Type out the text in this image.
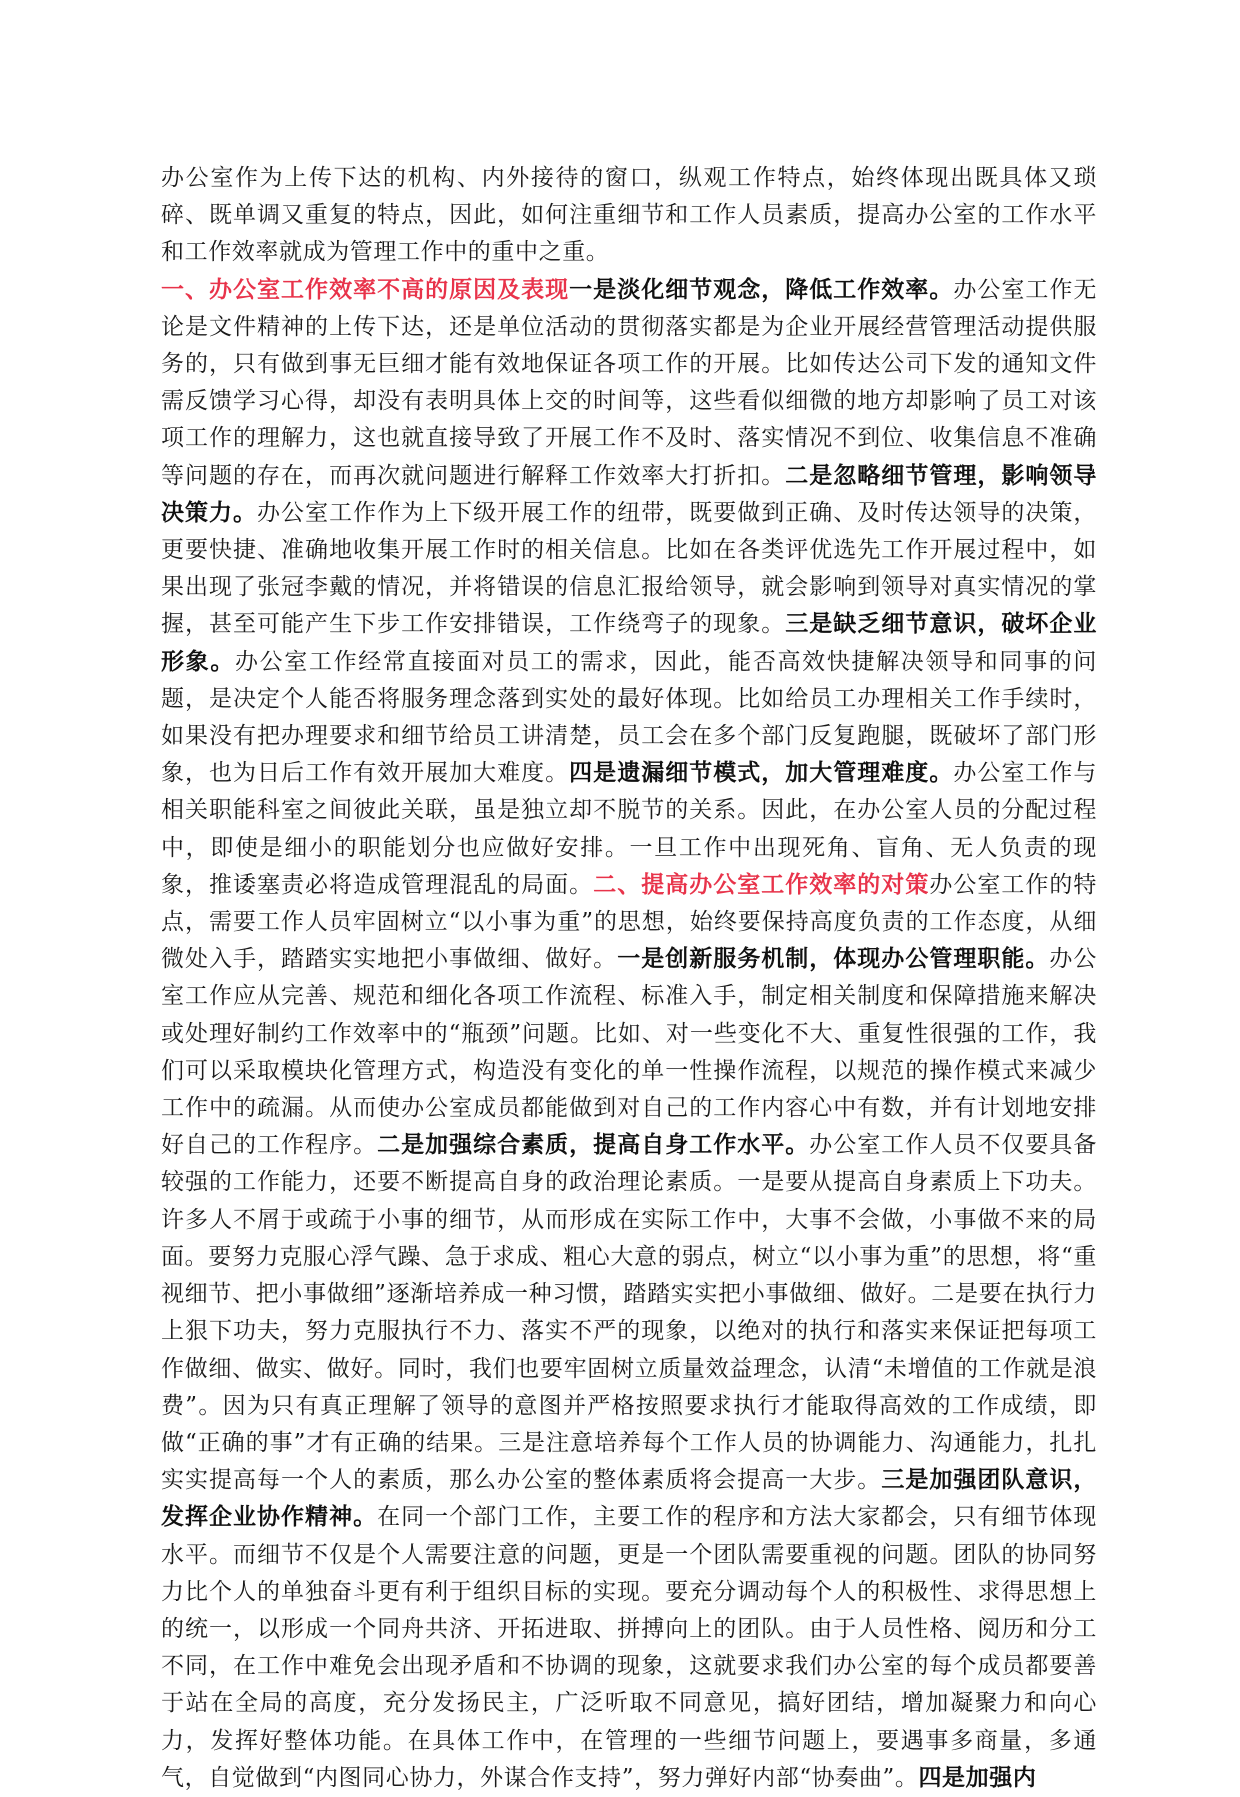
办公室作为上传下达的机构、内外接待的窗口，纵观工作特点，始终体现出既具体又琐碎、既单调又重复的特点，因此，如何注重细节和工作人员素质，提高办公室的工作水平和工作效率就成为管理工作中的重中之重。

一、办公室工作效率不高的原因及表现一是淡化细节观念，降低工作效率。办公室工作无论是文件精神的上传下达，还是单位活动的贯彻落实都是为企业开展经营管理活动提供服务的，只有做到事无巨细才能有效地保证各项工作的开展。比如传达公司下发的通知文件需反馈学习心得，却没有表明具体上交的时间等，这些看似细微的地方却影响了员工对该项工作的理解力，这也就直接导致了开展工作不及时、落实情况不到位、收集信息不准确等问题的存在，而再次就问题进行解释工作效率大打折扣。二是忽略细节管理，影响领导决策力。办公室工作作为上下级开展工作的纽带，既要做到正确、及时传达领导的决策，更要快捷、准确地收集开展工作时的相关信息。比如在各类评优选先工作开展过程中，如果出现了张冠李戴的情况，并将错误的信息汇报给领导，就会影响到领导对真实情况的掌握，甚至可能产生下步工作安排错误，工作绕弯子的现象。三是缺乏细节意识，破坏企业形象。办公室工作经常直接面对员工的需求，因此，能否高效快捷解决领导和同事的问题，是决定个人能否将服务理念落到实处的最好体现。比如给员工办理相关工作手续时，如果没有把办理要求和细节给员工讲清楚，员工会在多个部门反复跑腿，既破坏了部门形象，也为日后工作有效开展加大难度。四是遗漏细节模式，加大管理难度。办公室工作与相关职能科室之间彼此关联，虽是独立却不脱节的关系。因此，在办公室人员的分配过程中，即使是细小的职能划分也应做好安排。一旦工作中出现死角、盲角、无人负责的现象，推诿塞责必将造成管理混乱的局面。二、提高办公室工作效率的对策办公室工作的特点，需要工作人员牢固树立“以小事为重”的思想，始终要保持高度负责的工作态度，从细微处入手，踏踏实实地把小事做细、做好。一是创新服务机制，体现办公管理职能。办公室工作应从完善、规范和细化各项工作流程、标准入手，制定相关制度和保障措施来解决或处理好制约工作效率中的“瓶颈”问题。比如、对一些变化不大、重复性很强的工作，我们可以采取模块化管理方式，构造没有变化的单一性操作流程，以规范的操作模式来减少工作中的疏漏。从而使办公室成员都能做到对自己的工作内容心中有数，并有计划地安排好自己的工作程序。二是加强综合素质，提高自身工作水平。办公室工作人员不仅要具备较强的工作能力，还要不断提高自身的政治理论素质。一是要从提高自身素质上下功夫。许多人不屑于或疏于小事的细节，从而形成在实际工作中，大事不会做，小事做不来的局面。要努力克服心浮气躁、急于求成、粗心大意的弱点，树立“以小事为重”的思想，将“重视细节、把小事做细”逐渐培养成一种习惯，踏踏实实把小事做细、做好。二是要在执行力上狠下功夫，努力克服执行不力、落实不严的现象，以绝对的执行和落实来保证把每项工作做细、做实、做好。同时，我们也要牢固树立质量效益理念，认清“未增值的工作就是浪费”。因为只有真正理解了领导的意图并严格按照要求执行才能取得高效的工作成绩，即做“正确的事”才有正确的结果。三是注意培养每个工作人员的协调能力、沟通能力，扎扎实实提高每一个人的素质，那么办公室的整体素质将会提高一大步。三是加强团队意识，发挥企业协作精神。在同一个部门工作，主要工作的程序和方法大家都会，只有细节体现水平。而细节不仅是个人需要注意的问题，更是一个团队需要重视的问题。团队的协同努力比个人的单独奋斗更有利于组织目标的实现。要充分调动每个人的积极性、求得思想上的统一，以形成一个同舟共济、开拓进取、拼搏向上的团队。由于人员性格、阅历和分工不同，在工作中难免会出现矛盾和不协调的现象，这就要求我们办公室的每个成员都要善于站在全局的高度，充分发扬民主，广泛听取不同意见，搞好团结，增加凝聚力和向心力，发挥好整体功能。在具体工作中，在管理的一些细节问题上，要遇事多商量，多通气，自觉做到“内图同心协力，外谋合作支持”，努力弹好内部“协奏曲”。四是加强内
